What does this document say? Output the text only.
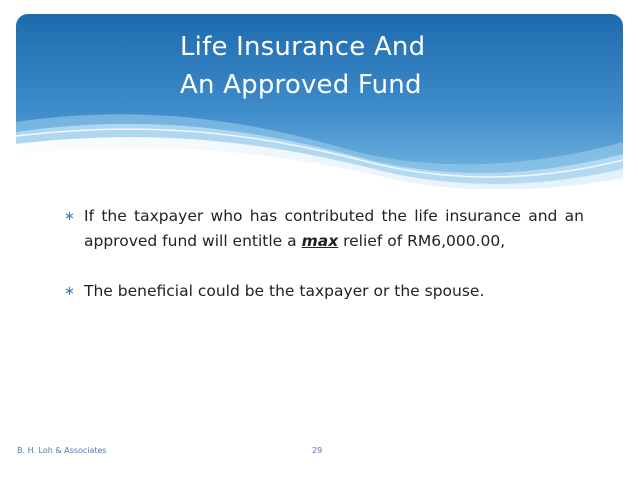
Life Insurance And
An Approved Fund
∗ If the taxpayer who has contributed the life insurance and an approved fund will entitle a max relief of RM6,000.00,
∗ The beneficial could be the taxpayer or the spouse.
B. H. Loh & Associates	29
